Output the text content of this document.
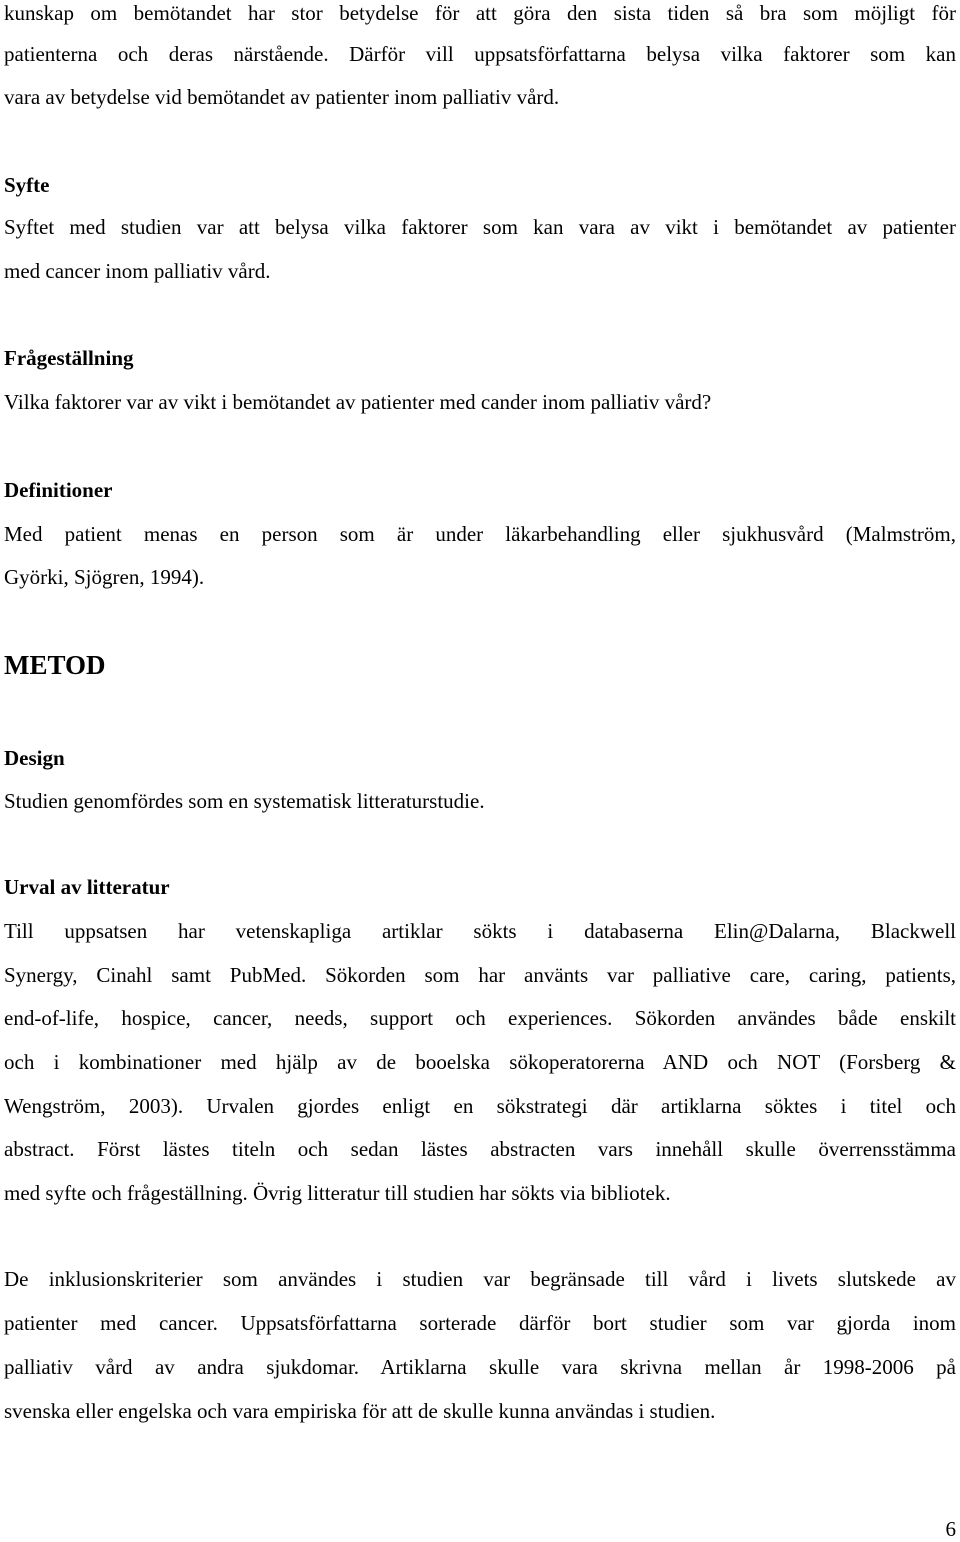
kunskap om bemötandet har stor betydelse för att göra den sista tiden så bra som möjligt för
patienterna och deras närstående. Därför vill uppsatsförfattarna belysa vilka faktorer som kan
vara av betydelse vid bemötandet av patienter inom palliativ vård.
Syfte
Syftet med studien var att belysa vilka faktorer som kan vara av vikt i bemötandet av patienter
med cancer inom palliativ vård.
Frågeställning
Vilka faktorer var av vikt i bemötandet av patienter med cander inom palliativ vård?
Definitioner
Med patient menas en person som är under läkarbehandling eller sjukhusvård (Malmström,
Györki, Sjögren, 1994).
METOD
Design
Studien genomfördes som en systematisk litteraturstudie.
Urval av litteratur
Till uppsatsen har vetenskapliga artiklar sökts i databaserna Elin@Dalarna, Blackwell
Synergy, Cinahl samt PubMed. Sökorden som har använts var palliative care, caring, patients,
end-of-life, hospice, cancer, needs, support och experiences. Sökorden användes både enskilt
och i kombinationer med hjälp av de booelska sökoperatorerna AND och NOT (Forsberg &
Wengström, 2003). Urvalen gjordes enligt en sökstrategi där artiklarna söktes i titel och
abstract. Först lästes titeln och sedan lästes abstracten vars innehåll skulle överrensstämma
med syfte och frågeställning. Övrig litteratur till studien har sökts via bibliotek.
De inklusionskriterier som användes i studien var begränsade till vård i livets slutskede av
patienter med cancer. Uppsatsförfattarna sorterade därför bort studier som var gjorda inom
palliativ vård av andra sjukdomar. Artiklarna skulle vara skrivna mellan år 1998-2006 på
svenska eller engelska och vara empiriska för att de skulle kunna användas i studien.
6
